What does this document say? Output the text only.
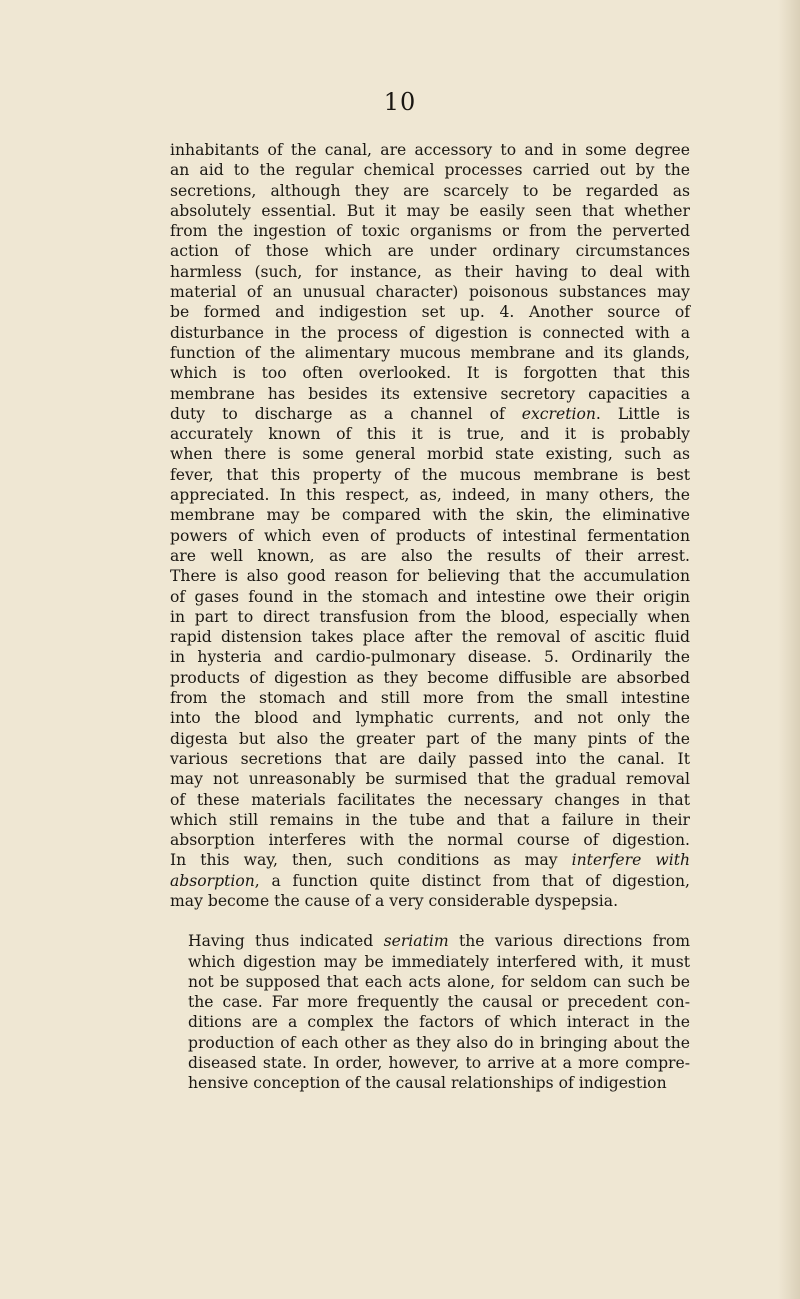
10
inhabitants of the canal, are accessory to and in some degree
an aid to the regular chemical processes carried out by the
secretions, although they are scarcely to be regarded as
absolutely essential. But it may be easily seen that whether
from the ingestion of toxic organisms or from the perverted
action of those which are under ordinary circumstances
harmless (such, for instance, as their having to deal with
material of an unusual character) poisonous substances may
be formed and indigestion set up. 4. Another source of
disturbance in the process of digestion is connected with a
function of the alimentary mucous membrane and its glands,
which is too often overlooked. It is forgotten that this
membrane has besides its extensive secretory capacities a
duty to discharge as a channel of excretion. Little is
accurately known of this it is true, and it is probably
when there is some general morbid state existing, such as
fever, that this property of the mucous membrane is best
appreciated. In this respect, as, indeed, in many others, the
membrane may be compared with the skin, the eliminative
powers of which even of products of intestinal fermentation
are well known, as are also the results of their arrest.
There is also good reason for believing that the accumulation
of gases found in the stomach and intestine owe their origin
in part to direct transfusion from the blood, especially when
rapid distension takes place after the removal of ascitic fluid
in hysteria and cardio-pulmonary disease. 5. Ordinarily the
products of digestion as they become diffusible are absorbed
from the stomach and still more from the small intestine
into the blood and lymphatic currents, and not only the
digesta but also the greater part of the many pints of the
various secretions that are daily passed into the canal. It
may not unreasonably be surmised that the gradual removal
of these materials facilitates the necessary changes in that
which still remains in the tube and that a failure in their
absorption interferes with the normal course of digestion.
In this way, then, such conditions as may interfere with
absorption, a function quite distinct from that of digestion,
may become the cause of a very considerable dyspepsia.
Having thus indicated seriatim the various directions from
which digestion may be immediately interfered with, it must
not be supposed that each acts alone, for seldom can such be
the case. Far more frequently the causal or precedent con-
ditions are a complex the factors of which interact in the
production of each other as they also do in bringing about the
diseased state. In order, however, to arrive at a more compre-
hensive conception of the causal relationships of indigestion
